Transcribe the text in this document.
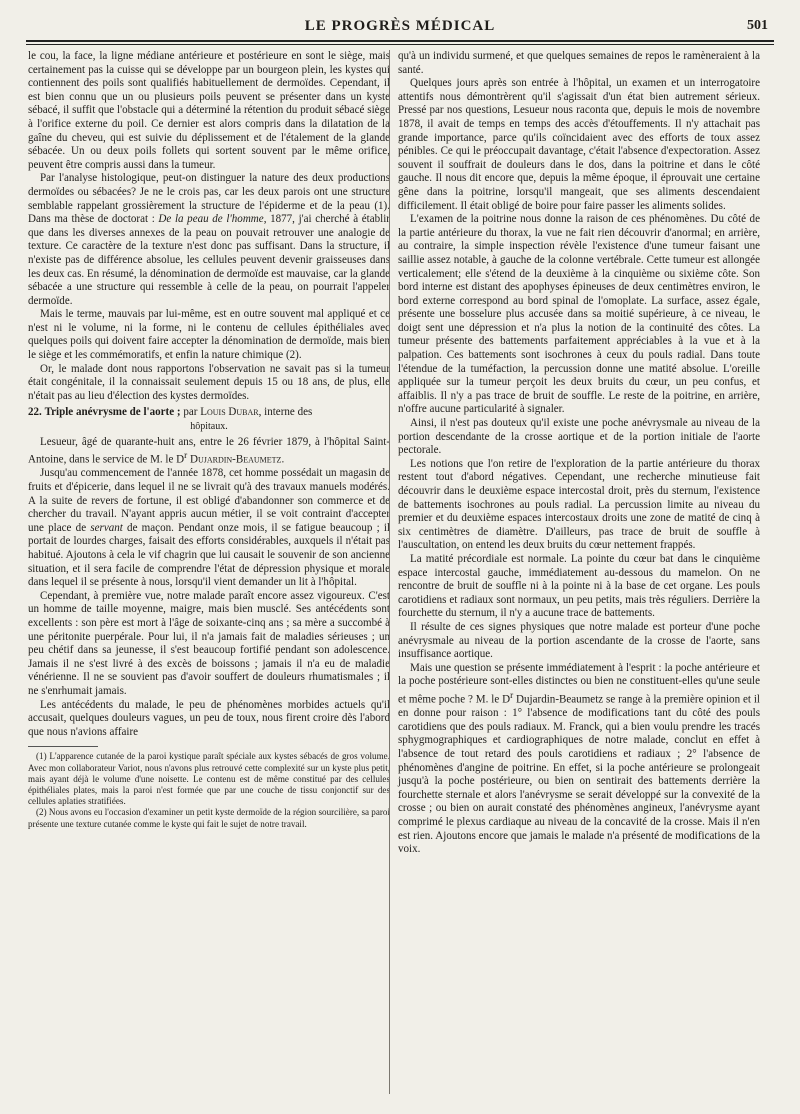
LE PROGRÈS MÉDICAL	501

le cou, la face, la ligne médiane antérieure et postérieure en sont le siège, mais certainement pas la cuisse qui se développe par un bourgeon plein, les kystes qui contiennent des poils sont qualifiés habituellement de dermoïdes. Cependant, il est bien connu que un ou plusieurs poils peuvent se présenter dans un kyste sébacé, il suffit que l'obstacle qui a déterminé la rétention du produit sébacé siège à l'orifice externe du poil. Ce dernier est alors compris dans la dilatation de la gaîne du cheveu, qui est suivie du déplissement et de l'étalement de la glande sébacée. Un ou deux poils follets qui sortent souvent par le même orifice, peuvent être compris aussi dans la tumeur.

Par l'analyse histologique, peut-on distinguer la nature des deux productions dermoïdes ou sébacées? Je ne le crois pas, car les deux parois ont une structure semblable rappelant grossièrement la structure de l'épiderme et de la peau (1). Dans ma thèse de doctorat : De la peau de l'homme, 1877, j'ai cherché à établir que dans les diverses annexes de la peau on pouvait retrouver une analogie de texture. Ce caractère de la texture n'est donc pas suffisant. Dans la structure, il n'existe pas de différence absolue, les cellules peuvent devenir graisseuses dans les deux cas. En résumé, la dénomination de dermoïde est mauvaise, car la glande sébacée a une structure qui ressemble à celle de la peau, on pourrait l'appeler dermoïde.

Mais le terme, mauvais par lui-même, est en outre souvent mal appliqué et ce n'est ni le volume, ni la forme, ni le contenu de cellules épithéliales avec quelques poils qui doivent faire accepter la dénomination de dermoïde, mais bien le siège et les commémoratifs, et enfin la nature chimique (2).

Or, le malade dont nous rapportons l'observation ne savait pas si la tumeur était congénitale, il la connaissait seulement depuis 15 ou 18 ans, de plus, elle n'était pas au lieu d'élection des kystes dermoïdes.

22. Triple anévrysme de l'aorte ; par Louis Dubar, interne des
hôpitaux.

Lesueur, âgé de quarante-huit ans, entre le 26 février 1879, à l'hôpital Saint-Antoine, dans le service de M. le $D^r$ Dujardin-Beaumetz.

Jusqu'au commencement de l'année 1878, cet homme possédait un magasin de fruits et d'épicerie, dans lequel il ne se livrait qu'à des travaux manuels modérés. A la suite de revers de fortune, il est obligé d'abandonner son commerce et de chercher du travail. N'ayant appris aucun métier, il se voit contraint d'accepter une place de servant de maçon. Pendant onze mois, il se fatigue beaucoup ; il portait de lourdes charges, faisait des efforts considérables, auxquels il n'était pas habitué. Ajoutons à cela le vif chagrin que lui causait le souvenir de son ancienne situation, et il sera facile de comprendre l'état de dépression physique et morale dans lequel il se présente à nous, lorsqu'il vient demander un lit à l'hôpital.

Cependant, à première vue, notre malade paraît encore assez vigoureux. C'est un homme de taille moyenne, maigre, mais bien musclé. Ses antécédents sont excellents : son père est mort à l'âge de soixante-cinq ans ; sa mère a succombé à une péritonite puerpérale. Pour lui, il n'a jamais fait de maladies sérieuses ; un peu chétif dans sa jeunesse, il s'est beaucoup fortifié pendant son adolescence. Jamais il ne s'est livré à des excès de boissons ; jamais il n'a eu de maladie vénérienne. Il ne se souvient pas d'avoir souffert de douleurs rhumatismales ; il ne s'enrhumait jamais.

Les antécédents du malade, le peu de phénomènes morbides actuels qu'il accusait, quelques douleurs vagues, un peu de toux, nous firent croire dès l'abord que nous n'avions affaire

(1) L'apparence cutanée de la paroi kystique paraît spéciale aux kystes sébacés de gros volume. Avec mon collaborateur Variot, nous n'avons plus retrouvé cette complexité sur un kyste plus petit, mais ayant déjà le volume d'une noisette. Le contenu est de même constitué par des cellules épithéliales plates, mais la paroi n'est formée que par une couche de tissu conjonctif sur des cellules aplaties stratifiées.

(2) Nous avons eu l'occasion d'examiner un petit kyste dermoïde de la région sourcilière, sa paroi présente une texture cutanée comme le kyste qui fait le sujet de notre travail.

qu'à un individu surmené, et que quelques semaines de repos le ramèneraient à la santé.

Quelques jours après son entrée à l'hôpital, un examen et un interrogatoire attentifs nous démontrèrent qu'il s'agissait d'un état bien autrement sérieux. Pressé par nos questions, Lesueur nous raconta que, depuis le mois de novembre 1878, il avait de temps en temps des accès d'étouffements. Il n'y attachait pas grande importance, parce qu'ils coïncidaient avec des efforts de toux assez pénibles. Ce qui le préoccupait davantage, c'était l'absence d'expectoration. Assez souvent il souffrait de douleurs dans le dos, dans la poitrine et dans le côté gauche. Il nous dit encore que, depuis la même époque, il éprouvait une certaine gêne dans la poitrine, lorsqu'il mangeait, que ses aliments descendaient difficilement. Il était obligé de boire pour faire passer les aliments solides.

L'examen de la poitrine nous donne la raison de ces phénomènes. Du côté de la partie antérieure du thorax, la vue ne fait rien découvrir d'anormal; en arrière, au contraire, la simple inspection révèle l'existence d'une tumeur faisant une saillie assez notable, à gauche de la colonne vertébrale. Cette tumeur est allongée verticalement; elle s'étend de la deuxième à la cinquième ou sixième côte. Son bord interne est distant des apophyses épineuses de deux centimètres environ, le bord externe correspond au bord spinal de l'omoplate. La surface, assez égale, présente une bosselure plus accusée dans sa moitié supérieure, à ce niveau, le doigt sent une dépression et n'a plus la notion de la continuité des côtes. La tumeur présente des battements parfaitement appréciables à la vue et à la palpation. Ces battements sont isochrones à ceux du pouls radial. Dans toute l'étendue de la tuméfaction, la percussion donne une matité absolue. L'oreille appliquée sur la tumeur perçoit les deux bruits du cœur, un peu confus, et affaiblis. Il n'y a pas trace de bruit de souffle. Le reste de la poitrine, en arrière, n'offre aucune particularité à signaler.

Ainsi, il n'est pas douteux qu'il existe une poche anévrysmale au niveau de la portion descendante de la crosse aortique et de la portion initiale de l'aorte pectorale.

Les notions que l'on retire de l'exploration de la partie antérieure du thorax restent tout d'abord négatives. Cependant, une recherche minutieuse fait découvrir dans le deuxième espace intercostal droit, près du sternum, l'existence de battements isochrones au pouls radial. La percussion limite au niveau du premier et du deuxième espaces intercostaux droits une zone de matité de cinq à six centimètres de diamètre. D'ailleurs, pas trace de bruit de souffle à l'auscultation, on entend les deux bruits du cœur nettement frappés.

La matité précordiale est normale. La pointe du cœur bat dans le cinquième espace intercostal gauche, immédiatement au-dessous du mamelon. On ne rencontre de bruit de souffle ni à la pointe ni à la base de cet organe. Les pouls carotidiens et radiaux sont normaux, un peu petits, mais très réguliers. Derrière la fourchette du sternum, il n'y a aucune trace de battements.

Il résulte de ces signes physiques que notre malade est porteur d'une poche anévrysmale au niveau de la portion ascendante de la crosse de l'aorte, sans insuffisance aortique.

Mais une question se présente immédiatement à l'esprit : la poche antérieure et la poche postérieure sont-elles distinctes ou bien ne constituent-elles qu'une seule et même poche ? M. le $D^r$ Dujardin-Beaumetz se range à la première opinion et il en donne pour raison : 1° l'absence de modifications tant du côté des pouls carotidiens que des pouls radiaux. M. Franck, qui a bien voulu prendre les tracés sphygmographiques et cardiographiques de notre malade, conclut en effet à l'absence de tout retard des pouls carotidiens et radiaux ; 2° l'absence de phénomènes d'angine de poitrine. En effet, si la poche antérieure se prolongeait jusqu'à la poche postérieure, ou bien on sentirait des battements derrière la fourchette sternale et alors l'anévrysme se serait développé sur la convexité de la crosse ; ou bien on aurait constaté des phénomènes angineux, l'anévrysme ayant comprimé le plexus cardiaque au niveau de la concavité de la crosse. Mais il n'en est rien. Ajoutons encore que jamais le malade n'a présenté de modifications de la voix.
